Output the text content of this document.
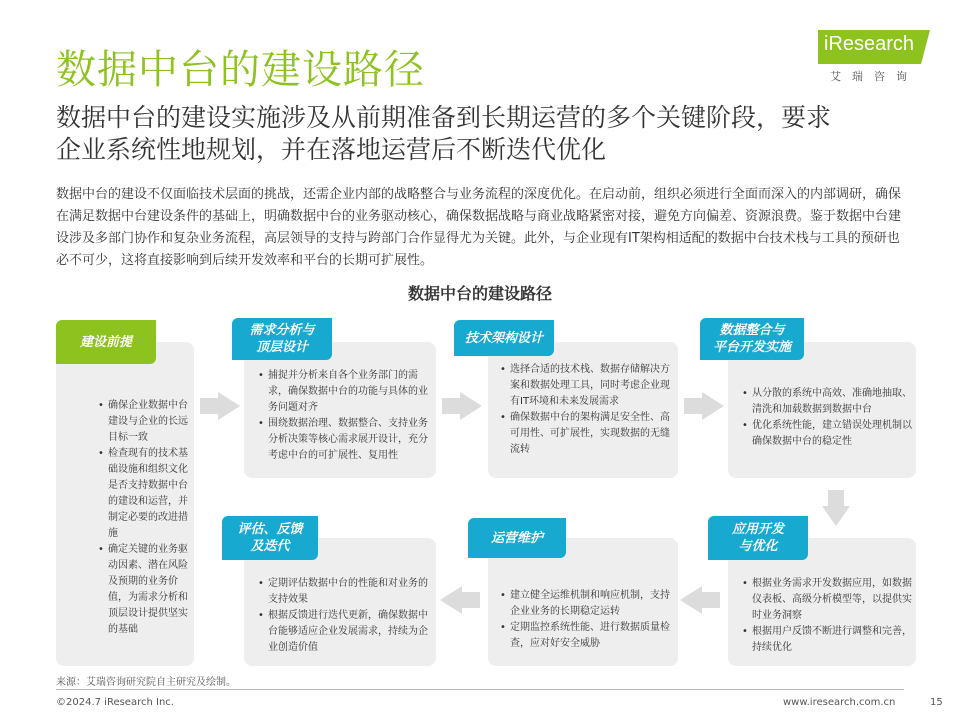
数据中台的建设路径
iResearch
艾瑞咨询
数据中台的建设实施涉及从前期准备到长期运营的多个关键阶段，要求
企业系统性地规划，并在落地运营后不断迭代优化
数据中台的建设不仅面临技术层面的挑战，还需企业内部的战略整合与业务流程的深度优化。在启动前，组织必须进行全面而深入的内部调研，确保在满足数据中台建设条件的基础上，明确数据中台的业务驱动核心，确保数据战略与商业战略紧密对接，避免方向偏差、资源浪费。鉴于数据中台建设涉及多部门协作和复杂业务流程，高层领导的支持与跨部门合作显得尤为关键。此外，与企业现有IT架构相适配的数据中台技术栈与工具的预研也必不可少，这将直接影响到后续开发效率和平台的长期可扩展性。
数据中台的建设路径
• 确保企业数据中台建设与企业的长远目标一致
• 检查现有的技术基础设施和组织文化是否支持数据中台的建设和运营，并制定必要的改进措施
• 确定关键的业务驱动因素、潜在风险及预期的业务价值，为需求分析和顶层设计提供坚实的基础
建设前提
• 捕捉并分析来自各个业务部门的需求，确保数据中台的功能与具体的业务问题对齐
• 围绕数据治理、数据整合、支持业务分析决策等核心需求展开设计，充分考虑中台的可扩展性、复用性
需求分析与
顶层设计
• 选择合适的技术栈、数据存储解决方案和数据处理工具，同时考虑企业现有IT环境和未来发展需求
• 确保数据中台的架构满足安全性、高可用性、可扩展性，实现数据的无缝流转
技术架构设计
• 从分散的系统中高效、准确地抽取、清洗和加载数据到数据中台
• 优化系统性能，建立错误处理机制以确保数据中台的稳定性
数据整合与
平台开发实施
• 根据业务需求开发数据应用，如数据仪表板、高级分析模型等，以提供实时业务洞察
• 根据用户反馈不断进行调整和完善，持续优化
应用开发
与优化
• 建立健全运维机制和响应机制，支持企业业务的长期稳定运转
• 定期监控系统性能、进行数据质量检查，应对好安全威胁
运营维护
• 定期评估数据中台的性能和对业务的支持效果
• 根据反馈进行迭代更新，确保数据中台能够适应企业发展需求，持续为企业创造价值
评估、反馈
及迭代
来源：艾瑞咨询研究院自主研究及绘制。
©2024.7 iResearch Inc.	www.iresearch.com.cn	15
